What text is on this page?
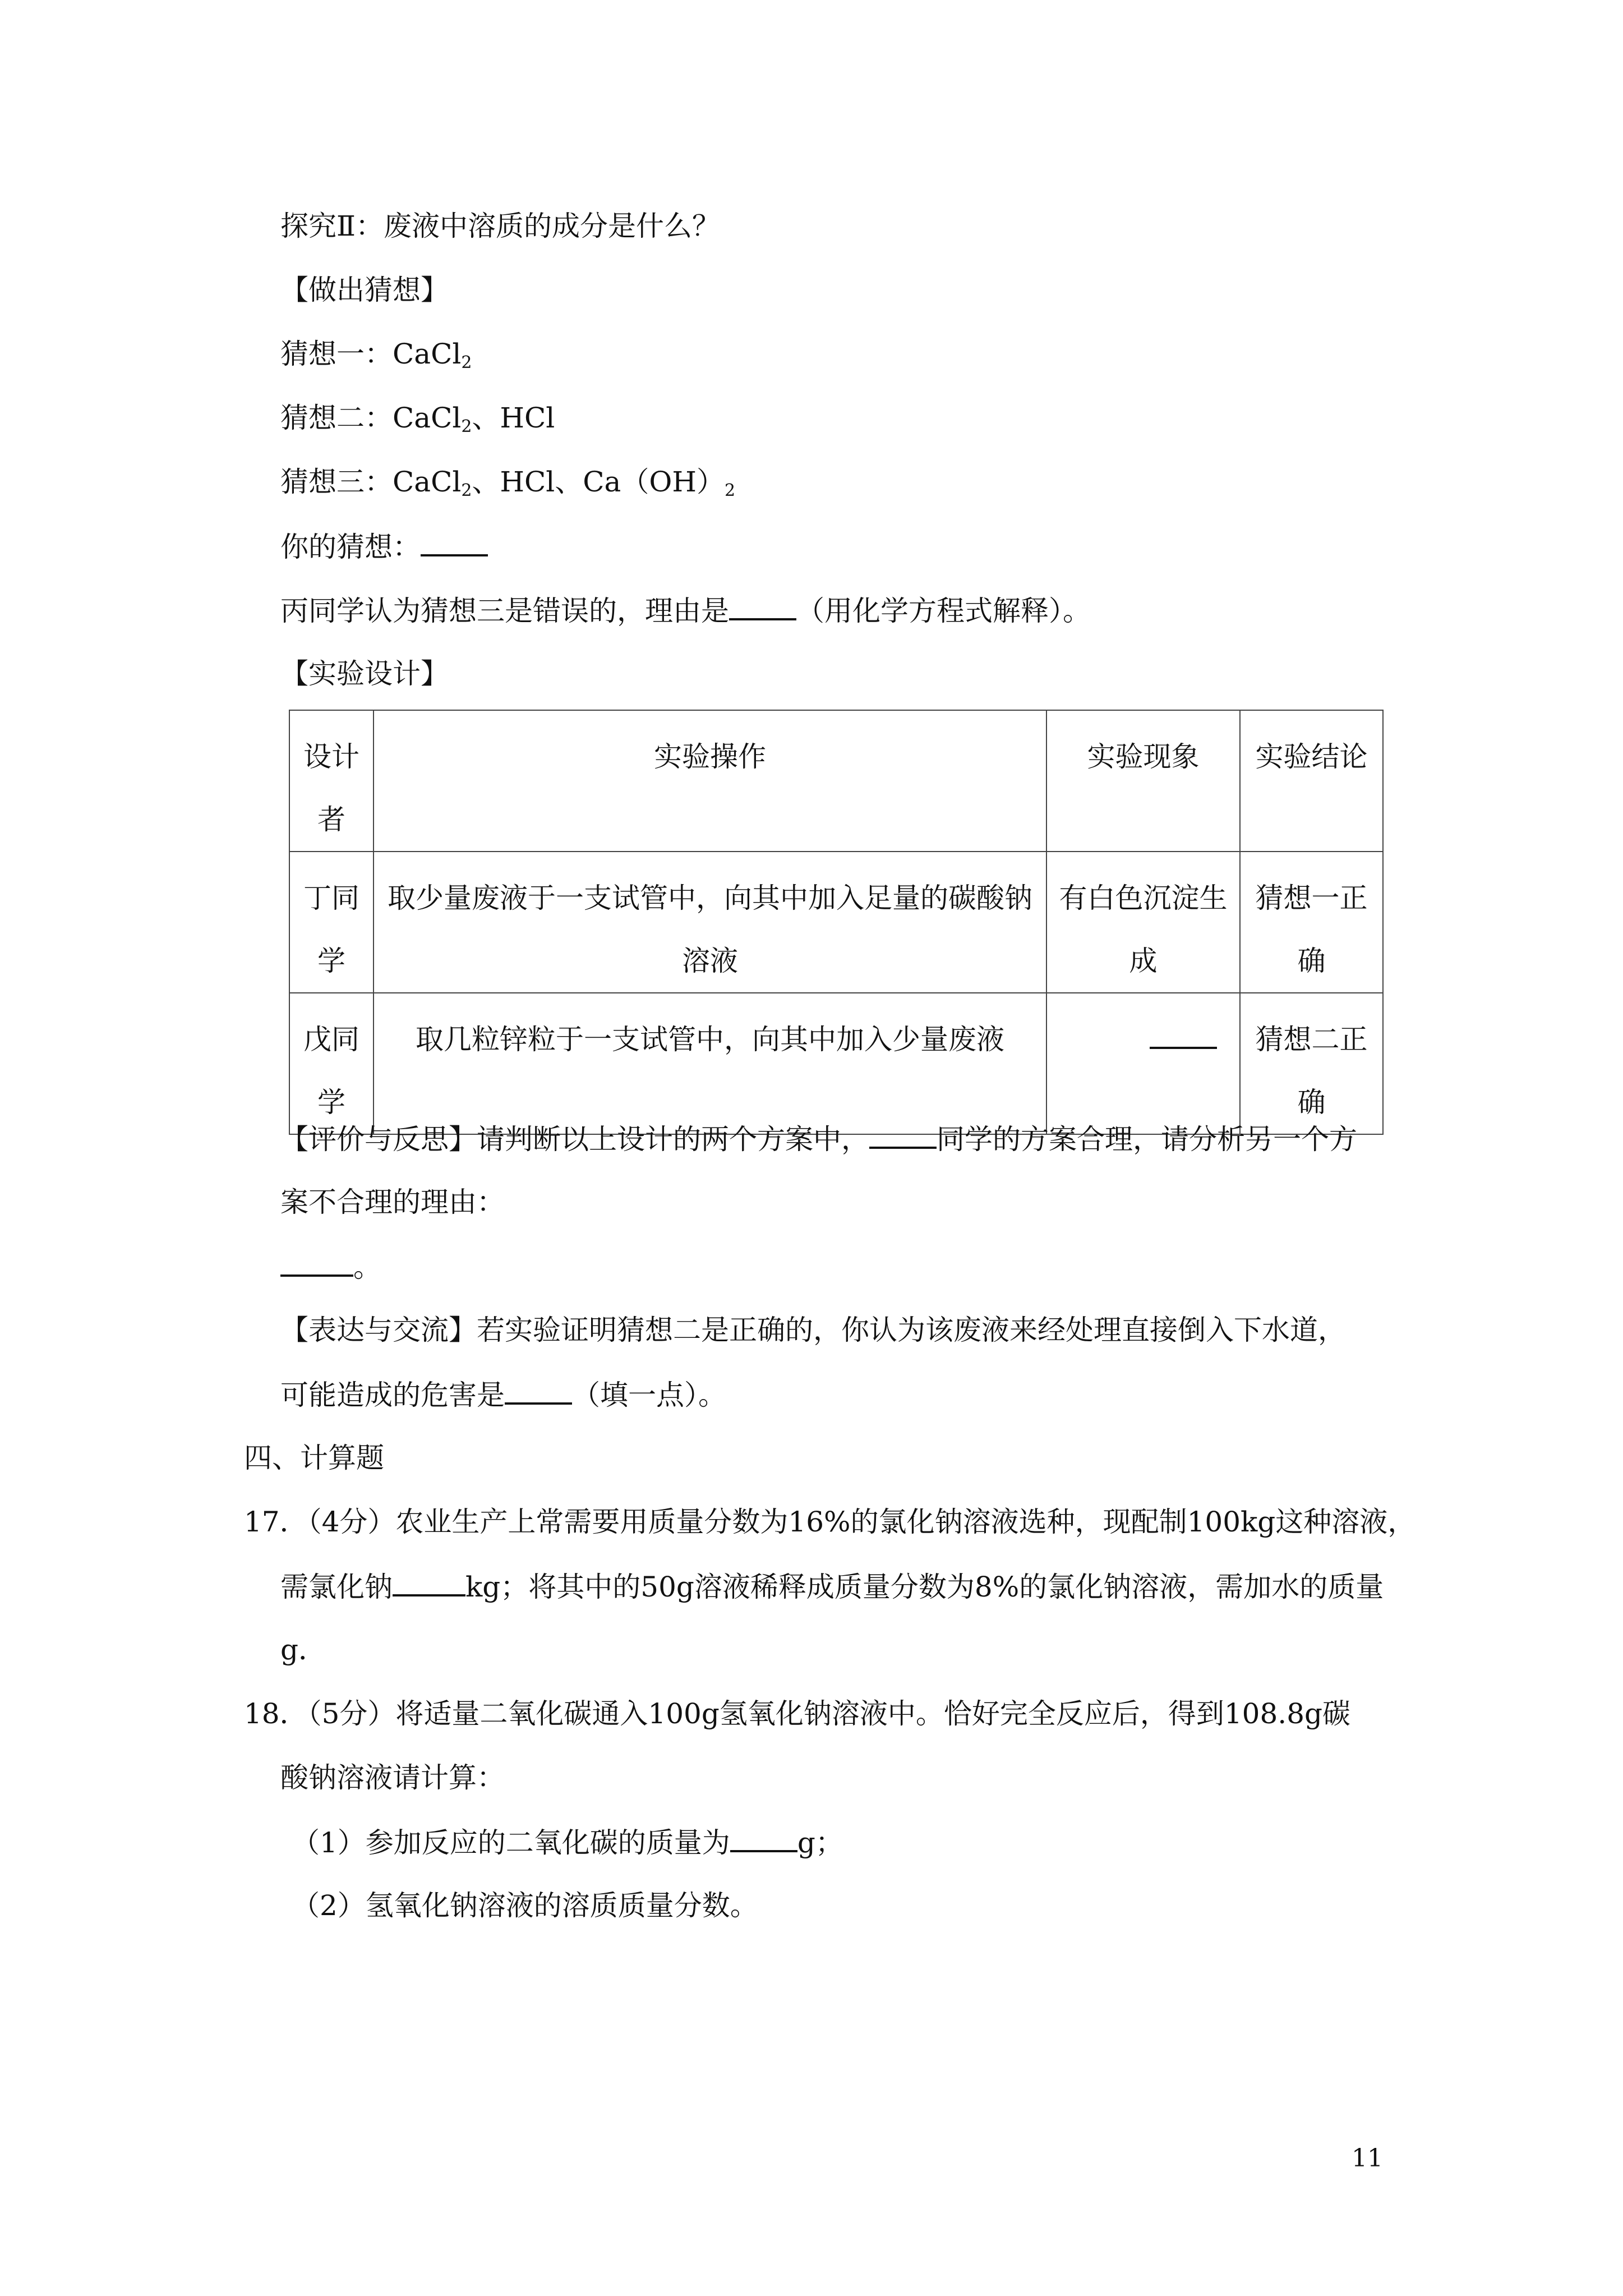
探究Ⅱ：废液中溶质的成分是什么？
【做出猜想】
猜想一：CaCl$_2$
猜想二：CaCl$_2$、HCl
猜想三：CaCl$_2$、HCl、$Ca(OH)_2$
你的猜想：
丙同学认为猜想三是错误的，理由是 （用化学方程式解释）。
【实验设计】
设计者	实验操作	实验现象	实验结论

丁同学	取少量废液于一支试管中，向其中加入足量的碳酸钠溶液	有白色沉淀生成	猜想一正确

戊同学	取几粒锌粒于一支试管中，向其中加入少量废液		猜想二正确
【评价与反思】请判断以上设计的两个方案中， 同学的方案合理，请分析另一个方
案不合理的理由：
。
【表达与交流】若实验证明猜想二是正确的，你认为该废液来经处理直接倒入下水道，
可能造成的危害是 （填一点）。
四、计算题
17．（4分）农业生产上常需要用质量分数为16%的氯化钠溶液选种，现配制100kg这种溶液，
需氯化钠	kg；将其中的50g溶液稀释成质量分数为8%的氯化钠溶液，需加水的质量
g．
18．（5分）将适量二氧化碳通入100g氢氧化钠溶液中。恰好完全反应后，得到108.8g碳
酸钠溶液请计算：
（1）参加反应的二氧化碳的质量为 g；
（2）氢氧化钠溶液的溶质质量分数。
11
